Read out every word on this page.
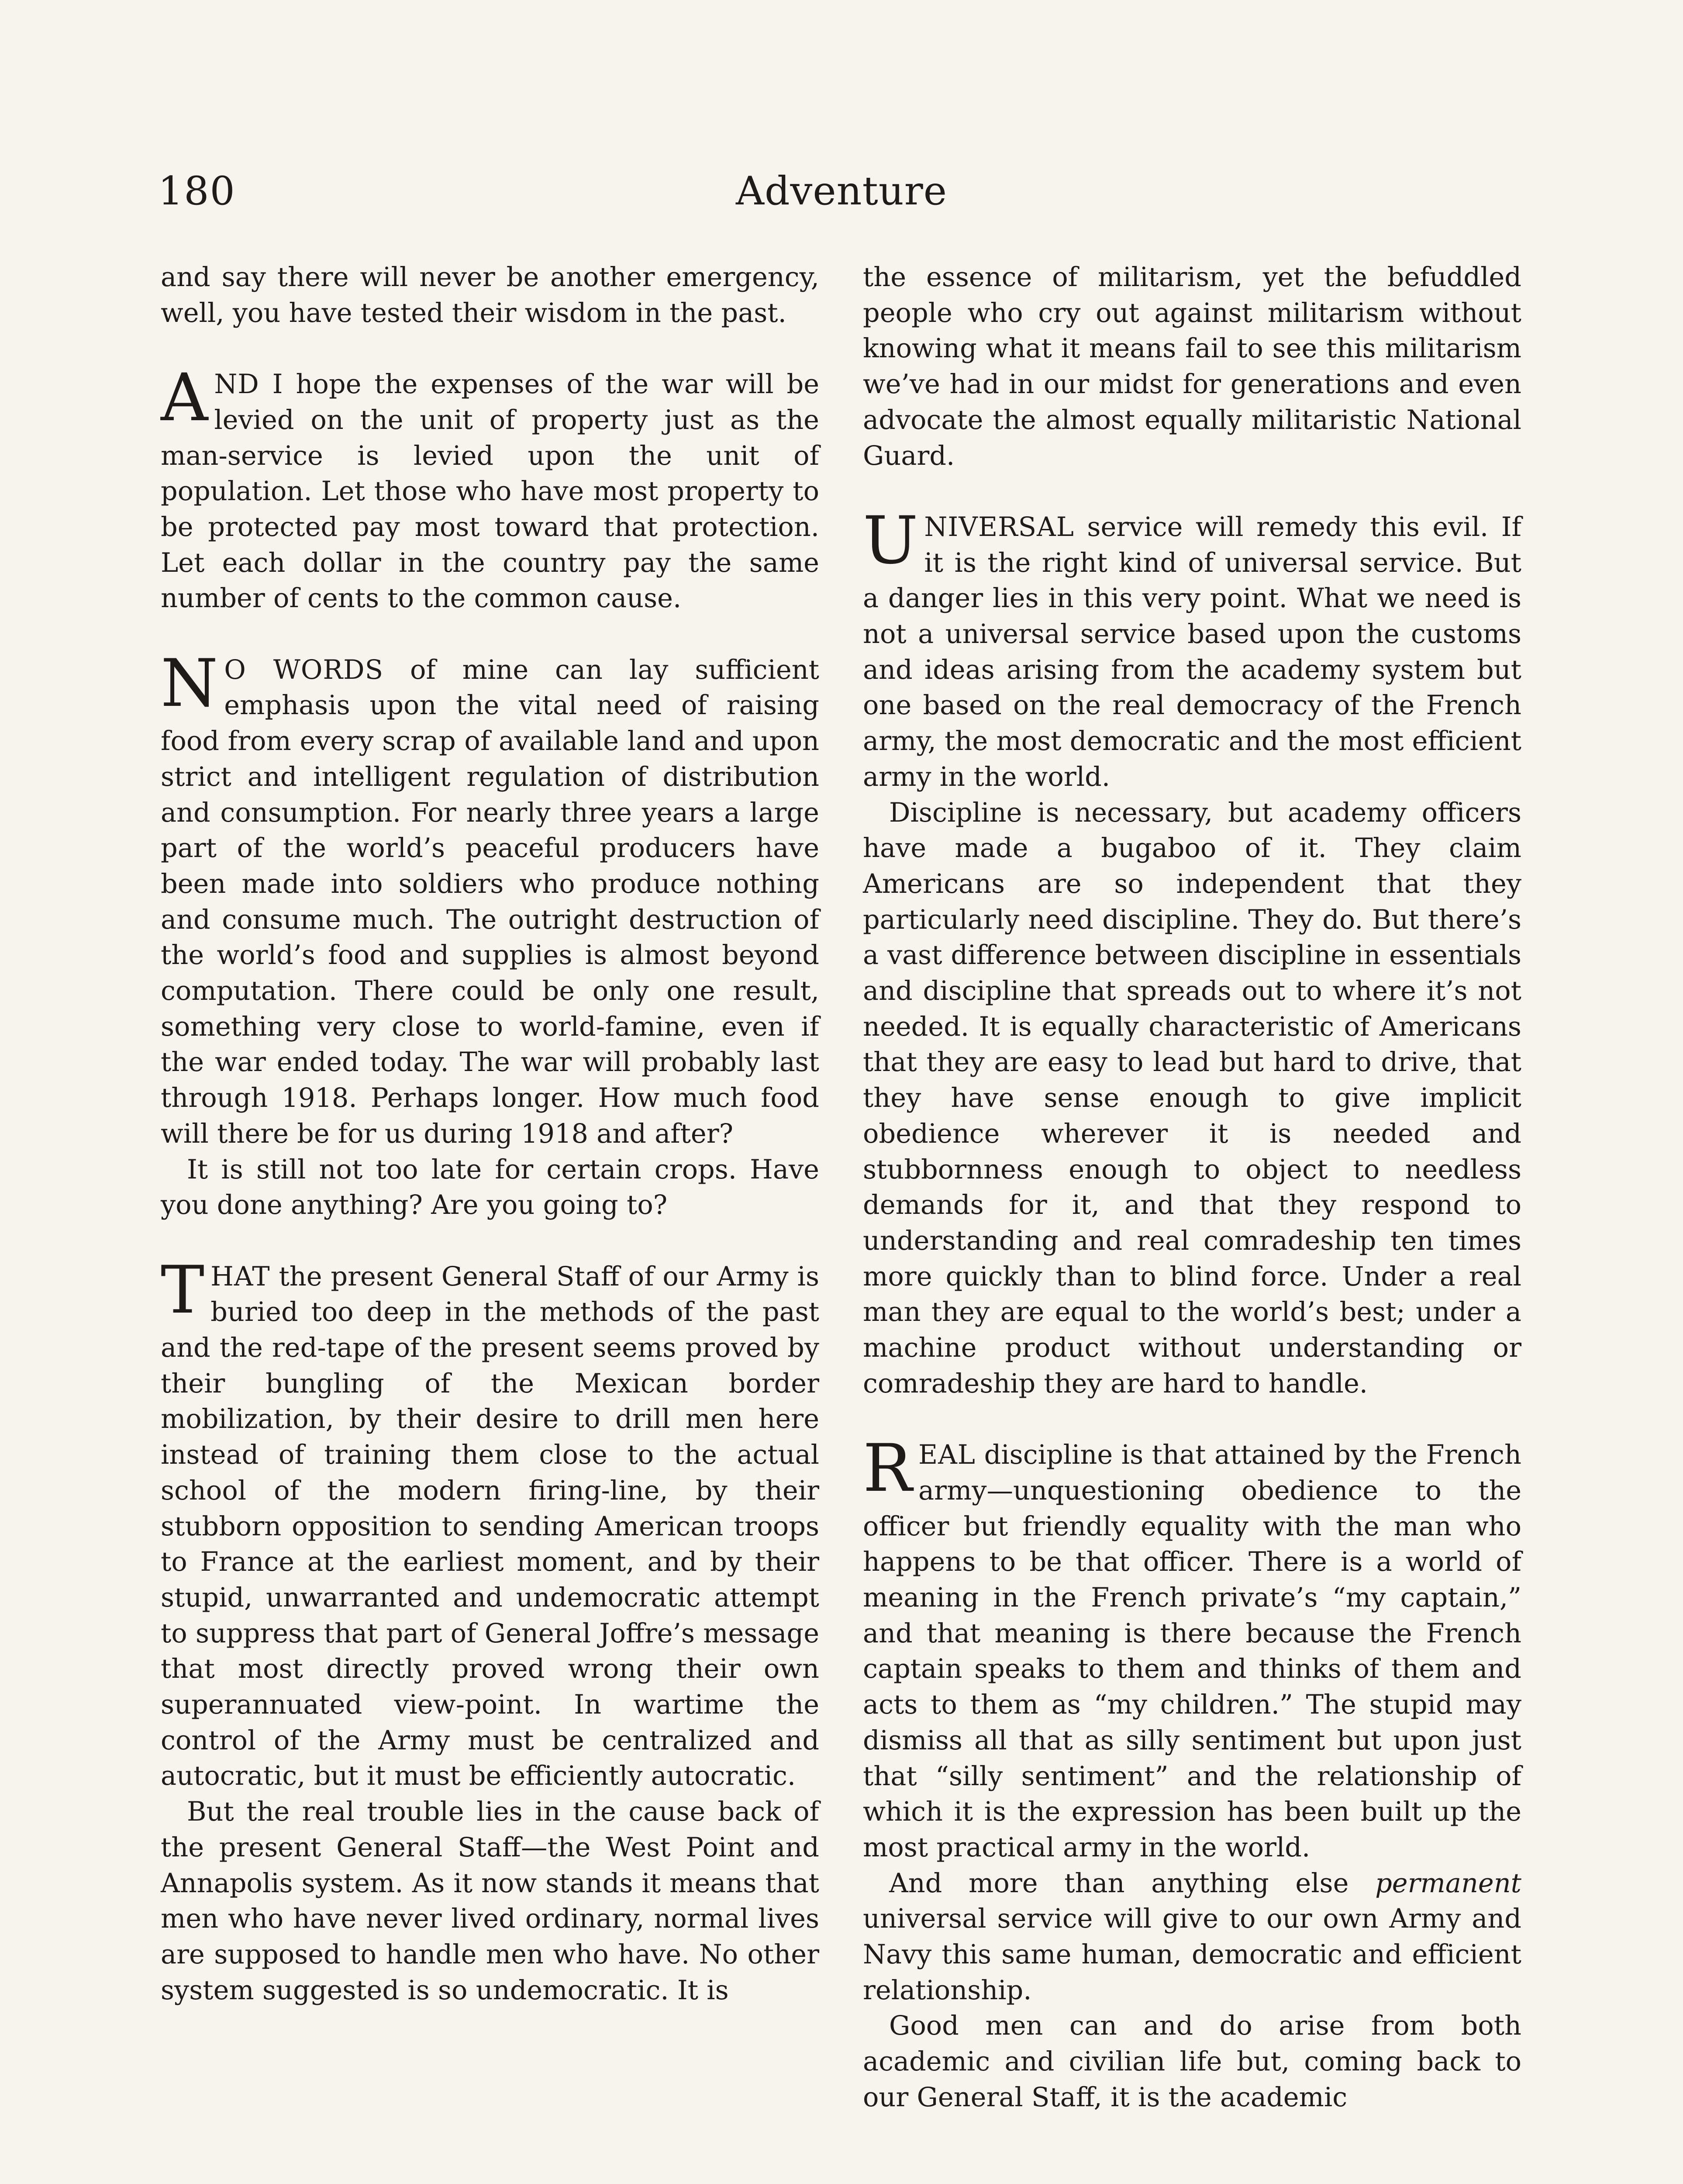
180	Adventure

and say there will never be another emergency, well, you have tested their wisdom in the past.

AND I hope the expenses of the war will be levied on the unit of property just as the man-service is levied upon the unit of population. Let those who have most property to be protected pay most toward that protection. Let each dollar in the country pay the same number of cents to the common cause.

N O WORDS of mine can lay sufficient emphasis upon the vital need of raising food from every scrap of available land and upon strict and intelligent regulation of distribution and consumption. For nearly three years a large part of the world’s peaceful producers have been made into soldiers who produce nothing and consume much. The outright destruction of the world’s food and supplies is almost beyond computation. There could be only one result, something very close to world-famine, even if the war ended today. The war will probably last through 1918. Perhaps longer. How much food will there be for us during 1918 and after?

It is still not too late for certain crops. Have you done anything? Are you going to?

THAT the present General Staff of our Army is buried too deep in the methods of the past and the red-tape of the present seems proved by their bungling of the Mexican border mobilization, by their desire to drill men here instead of training them close to the actual school of the modern firing-line, by their stubborn opposition to sending American troops to France at the earliest moment, and by their stupid, unwarranted and undemocratic attempt to suppress that part of General Joffre’s message that most directly proved wrong their own superannuated view-point. In wartime the control of the Army must be centralized and autocratic, but it must be efficiently autocratic.

But the real trouble lies in the cause back of the present General Staff—the West Point and Annapolis system. As it now stands it means that men who have never lived ordinary, normal lives are supposed to handle men who have. No other system suggested is so undemocratic. It is

the essence of militarism, yet the befuddled people who cry out against militarism without knowing what it means fail to see this militarism we’ve had in our midst for generations and even advocate the almost equally militaristic National Guard.

UNIVERSAL service will remedy this evil. If it is the right kind of universal service. But a danger lies in this very point. What we need is not a universal service based upon the customs and ideas arising from the academy system but one based on the real democracy of the French army, the most democratic and the most efficient army in the world.

Discipline is necessary, but academy officers have made a bugaboo of it. They claim Americans are so independent that they particularly need discipline. They do. But there’s a vast difference between discipline in essentials and discipline that spreads out to where it’s not needed. It is equally characteristic of Americans that they are easy to lead but hard to drive, that they have sense enough to give implicit obedience wherever it is needed and stubbornness enough to object to needless demands for it, and that they respond to understanding and real comradeship ten times more quickly than to blind force. Under a real man they are equal to the world’s best; under a machine product without understanding or comradeship they are hard to handle.

REAL discipline is that attained by the French army—unquestioning obedience to the officer but friendly equality with the man who happens to be that officer. There is a world of meaning in the French private’s “my captain,” and that meaning is there because the French captain speaks to them and thinks of them and acts to them as “my children.” The stupid may dismiss all that as silly sentiment but upon just that “silly sentiment” and the relationship of which it is the expression has been built up the most practical army in the world.

And more than anything else permanent universal service will give to our own Army and Navy this same human, democratic and efficient relationship.

Good men can and do arise from both academic and civilian life but, coming back to our General Staff, it is the academic
